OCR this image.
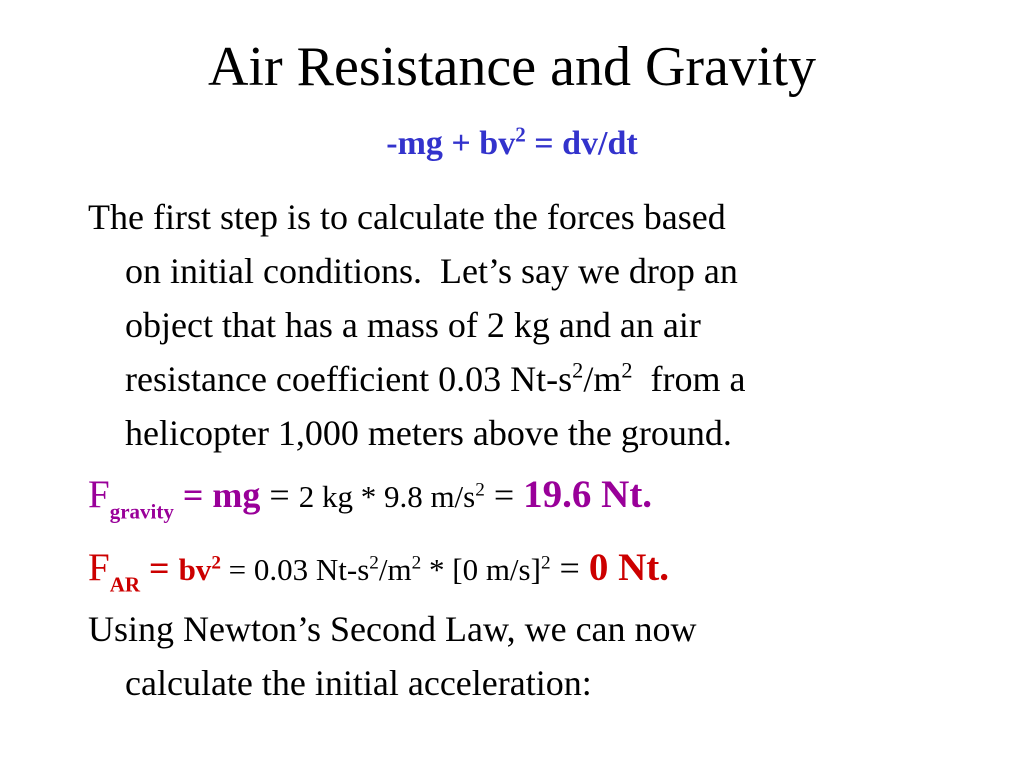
Air Resistance and Gravity
$-mg + bv^2 = dv/dt$
The first step is to calculate the forces based
on initial conditions.  Let’s say we drop an
object that has a mass of 2 kg and an air
resistance coefficient 0.03 $Nt-s^2/m^2$  from a
helicopter 1,000 meters above the ground.
$F_{gravity}$ = mg = 2 kg * 9.8 $m/s^2 = 19.6$ Nt.
$F_{AR} = bv^2 = 0.03$ $Nt-s^2/m^2 * [0$ m/s]$^2$ = 0 Nt.
Using Newton’s Second Law, we can now
calculate the initial acceleration:
